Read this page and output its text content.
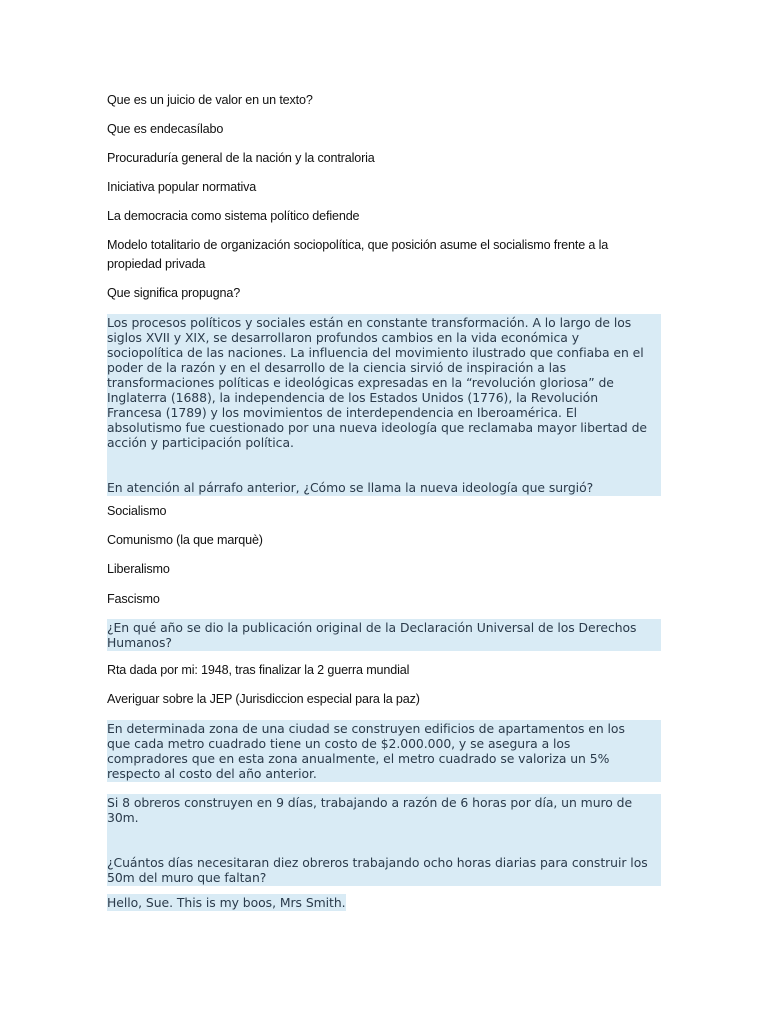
Que es un juicio de valor en un texto?

Que es endecasílabo

Procuraduría general de la nación y la contraloria

Iniciativa popular normativa

La democracia como sistema político defiende

Modelo totalitario de organización sociopolítica, que posición asume el socialismo frente a la
propiedad privada

Que significa propugna?

Los procesos políticos y sociales están en constante transformación. A lo largo de los
siglos XVII y XIX, se desarrollaron profundos cambios en la vida económica y
sociopolítica de las naciones. La influencia del movimiento ilustrado que confiaba en el
poder de la razón y en el desarrollo de la ciencia sirvió de inspiración a las
transformaciones políticas e ideológicas expresadas en la “revolución gloriosa” de
Inglaterra (1688), la independencia de los Estados Unidos (1776), la Revolución
Francesa (1789) y los movimientos de interdependencia en Iberoamérica. El
absolutismo fue cuestionado por una nueva ideología que reclamaba mayor libertad de
acción y participación política.
En atención al párrafo anterior, ¿Cómo se llama la nueva ideología que surgió?

Socialismo

Comunismo (la que marquè)

Liberalismo

Fascismo

¿En qué año se dio la publicación original de la Declaración Universal de los Derechos
Humanos?

Rta dada por mi: 1948, tras finalizar la 2 guerra mundial

Averiguar sobre la JEP (Jurisdiccion especial para la paz)

En determinada zona de una ciudad se construyen edificios de apartamentos en los
que cada metro cuadrado tiene un costo de $2.000.000, y se asegura a los
compradores que en esta zona anualmente, el metro cuadrado se valoriza un 5%
respecto al costo del año anterior.
Si 8 obreros construyen en 9 días, trabajando a razón de 6 horas por día, un muro de
30m.
¿Cuántos días necesitaran diez obreros trabajando ocho horas diarias para construir los
50m del muro que faltan?
Hello, Sue. This is my boos, Mrs Smith.
